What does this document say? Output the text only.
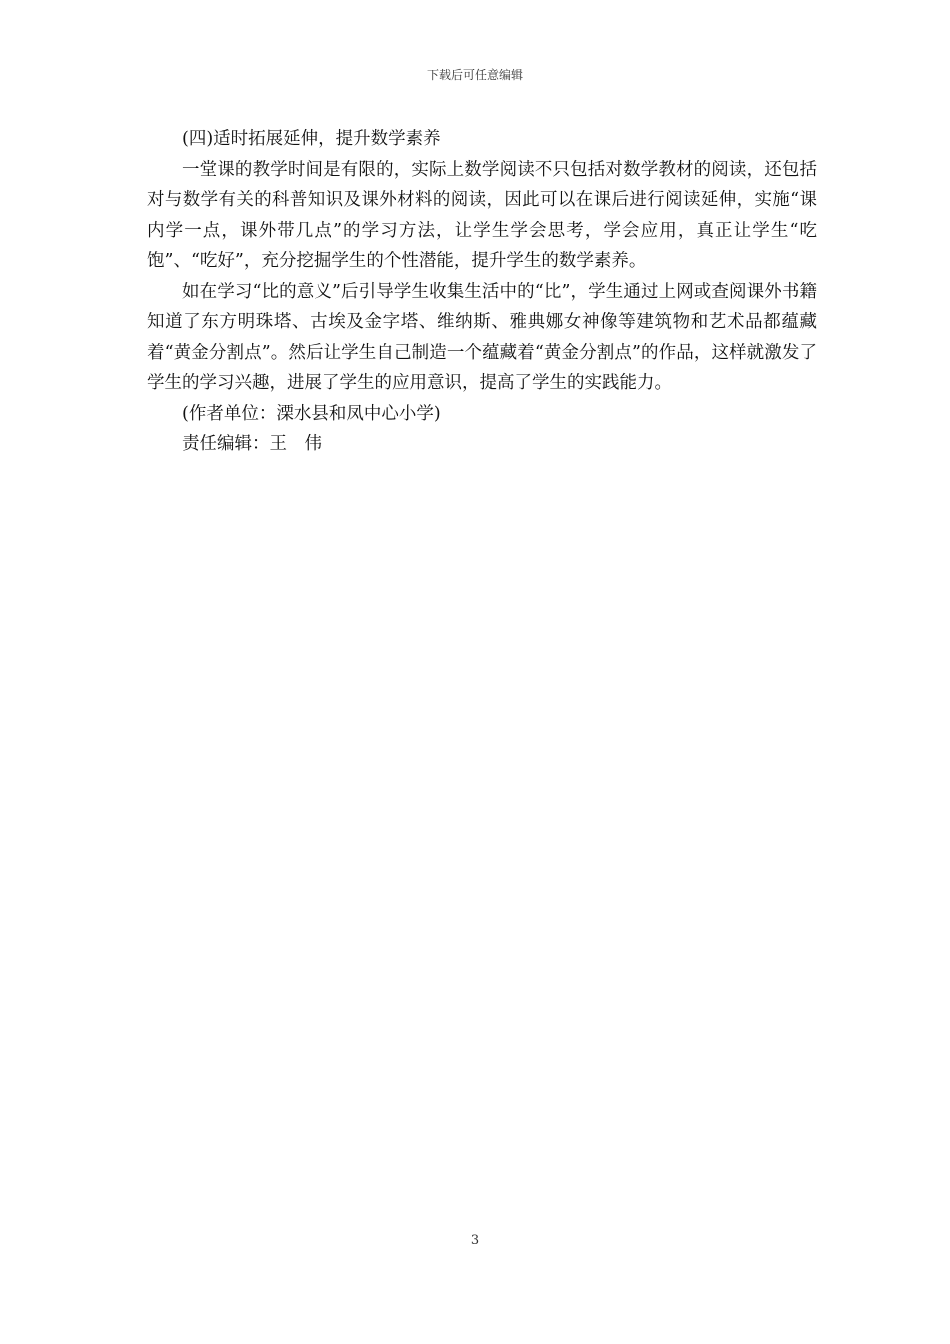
下载后可任意编辑

(四)适时拓展延伸，提升数学素养

一堂课的教学时间是有限的，实际上数学阅读不只包括对数学教材的阅读，还包括对与数学有关的科普知识及课外材料的阅读，因此可以在课后进行阅读延伸，实施“课内学一点，课外带几点”的学习方法，让学生学会思考，学会应用，真正让学生“吃饱”、“吃好”，充分挖掘学生的个性潜能，提升学生的数学素养。

如在学习“比的意义”后引导学生收集生活中的“比”，学生通过上网或查阅课外书籍知道了东方明珠塔、古埃及金字塔、维纳斯、雅典娜女神像等建筑物和艺术品都蕴藏着“黄金分割点”。然后让学生自己制造一个蕴藏着“黄金分割点”的作品，这样就激发了学生的学习兴趣，进展了学生的应用意识，提高了学生的实践能力。

(作者单位：溧水县和凤中心小学)

责任编辑：王　伟

3
